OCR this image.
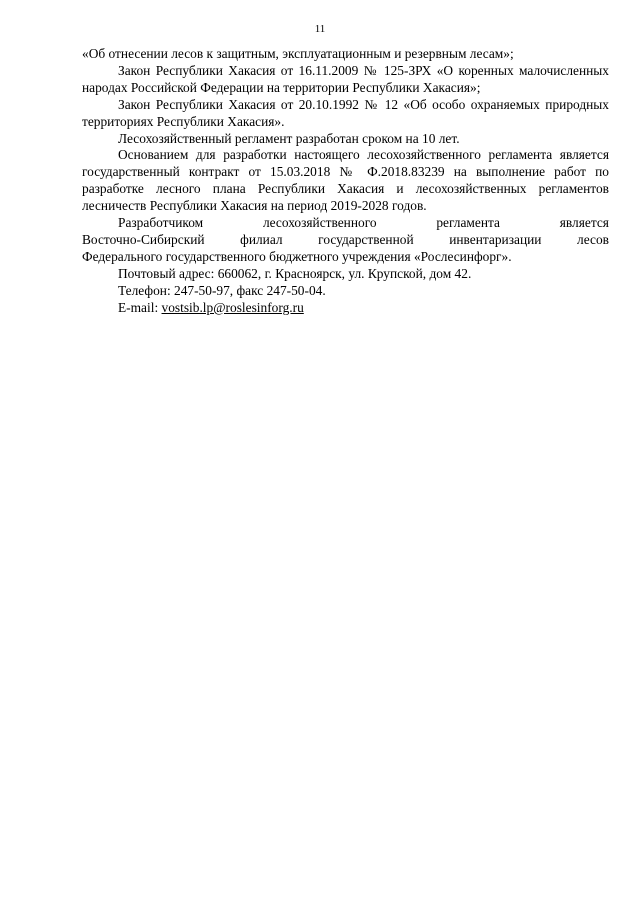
11

«Об отнесении лесов к защитным, эксплуатационным и резервным лесам»;

Закон Республики Хакасия от 16.11.2009 № 125-ЗРХ «О коренных малочисленных народах Российской Федерации на территории Республики Хакасия»;

Закон Республики Хакасия от 20.10.1992 № 12 «Об особо охраняемых природных территориях Республики Хакасия».

Лесохозяйственный регламент разработан сроком на 10 лет.

Основанием для разработки настоящего лесохозяйственного регламента является государственный контракт от 15.03.2018 № Ф.2018.83239 на выполнение работ по разработке лесного плана Республики Хакасия и лесохозяйственных регламентов лесничеств Республики Хакасия на период 2019-2028 годов.

Разработчиком	лесохозяйственного	регламента	является
Восточно-Сибирский	филиал	государственной	инвентаризации	лесов

Федерального государственного бюджетного учреждения «Рослесинфорг».

Почтовый адрес: 660062, г. Красноярск, ул. Крупской, дом 42.

Телефон: 247-50-97, факс 247-50-04.

E-mail: vostsib.lp@roslesinforg.ru
